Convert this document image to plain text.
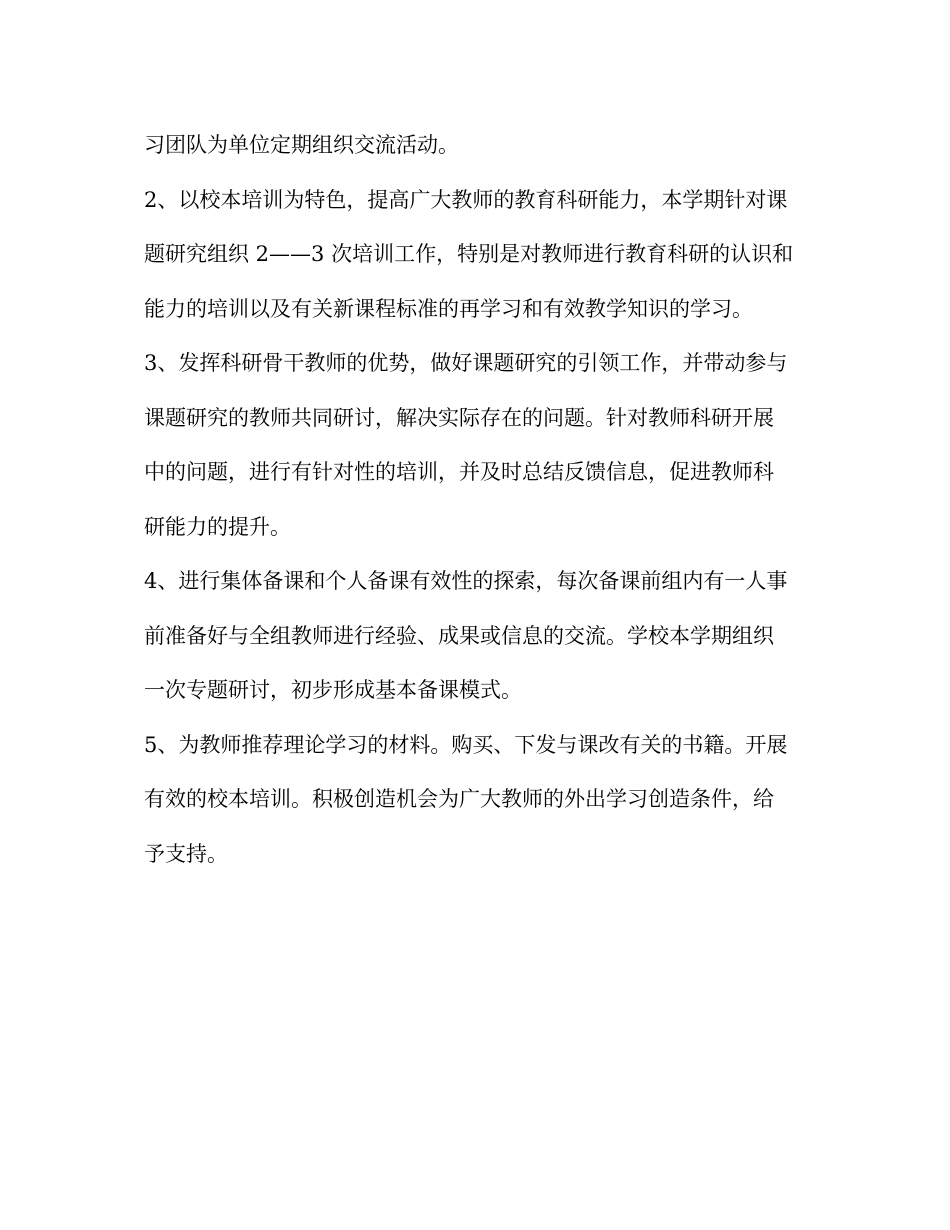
习团队为单位定期组织交流活动。
2、以校本培训为特色，提高广大教师的教育科研能力，本学期针对课
题研究组织 2——3 次培训工作，特别是对教师进行教育科研的认识和
能力的培训以及有关新课程标准的再学习和有效教学知识的学习。
3、发挥科研骨干教师的优势，做好课题研究的引领工作，并带动参与
课题研究的教师共同研讨，解决实际存在的问题。针对教师科研开展
中的问题，进行有针对性的培训，并及时总结反馈信息，促进教师科
研能力的提升。
4、进行集体备课和个人备课有效性的探索，每次备课前组内有一人事
前准备好与全组教师进行经验、成果或信息的交流。学校本学期组织
一次专题研讨，初步形成基本备课模式。
5、为教师推荐理论学习的材料。购买、下发与课改有关的书籍。开展
有效的校本培训。积极创造机会为广大教师的外出学习创造条件，给
予支持。
